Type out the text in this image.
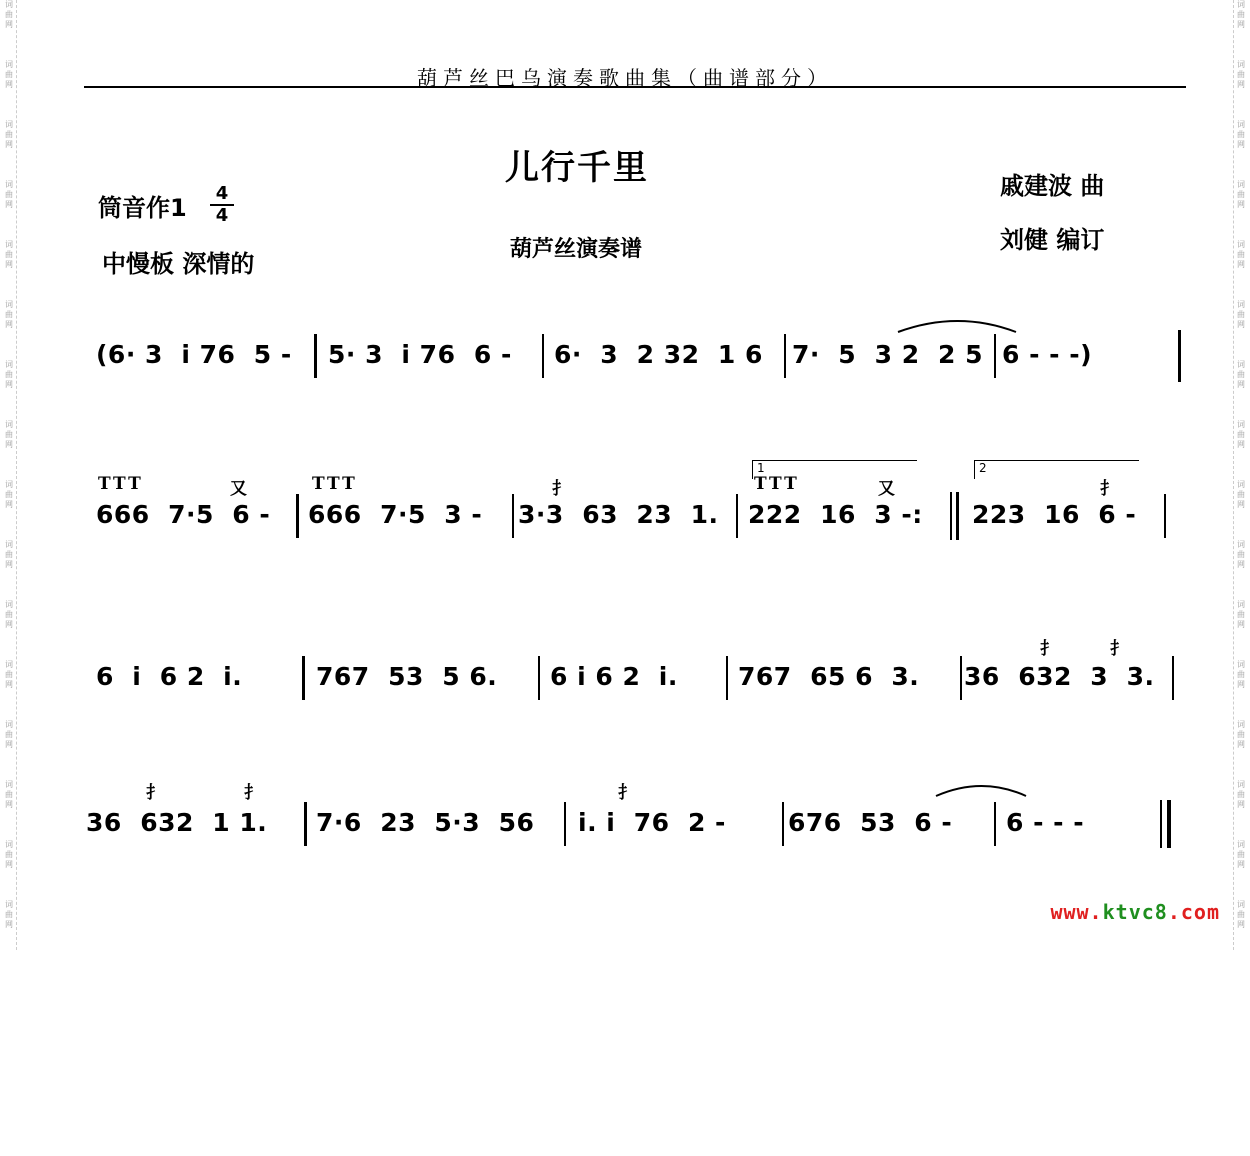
词曲网
词曲网
词曲网
词曲网
词曲网
词曲网
词曲网
词曲网
词曲网
词曲网
词曲网
词曲网
词曲网
词曲网
词曲网
词曲网
词曲网
词曲网
词曲网
词曲网
词曲网
词曲网
词曲网
词曲网
词曲网
词曲网
词曲网
词曲网
词曲网
词曲网
词曲网
词曲网
葫芦丝巴乌演奏歌曲集（曲谱部分）
儿行千里
筒音作1
4
4
中慢板 深情的
葫芦丝演奏谱
戚建波 曲
刘健 编订

(6· 3  i 76  5 -

5· 3  i 76  6 -

6·  3  2 32  1 6

7·  5  3 2  2 5

6 - - -)

TTT	又	TTT	扌	TTT	又	扌
1	2

666  7·5  6 -

666  7·5  3 -

3·3  63  23  1.

222  16  3 -:

223  16  6 -

扌	扌

6  i  6 2  i.

	767  53  5 6.

6 i 6 2  i.

767  65 6  3.

36  632  3  3.

扌	扌	扌

36  632  1 1.

7·6  23  5·3  56

i. i  76  2 -

676  53  6 -

6 - - -

www.ktvc8.com
